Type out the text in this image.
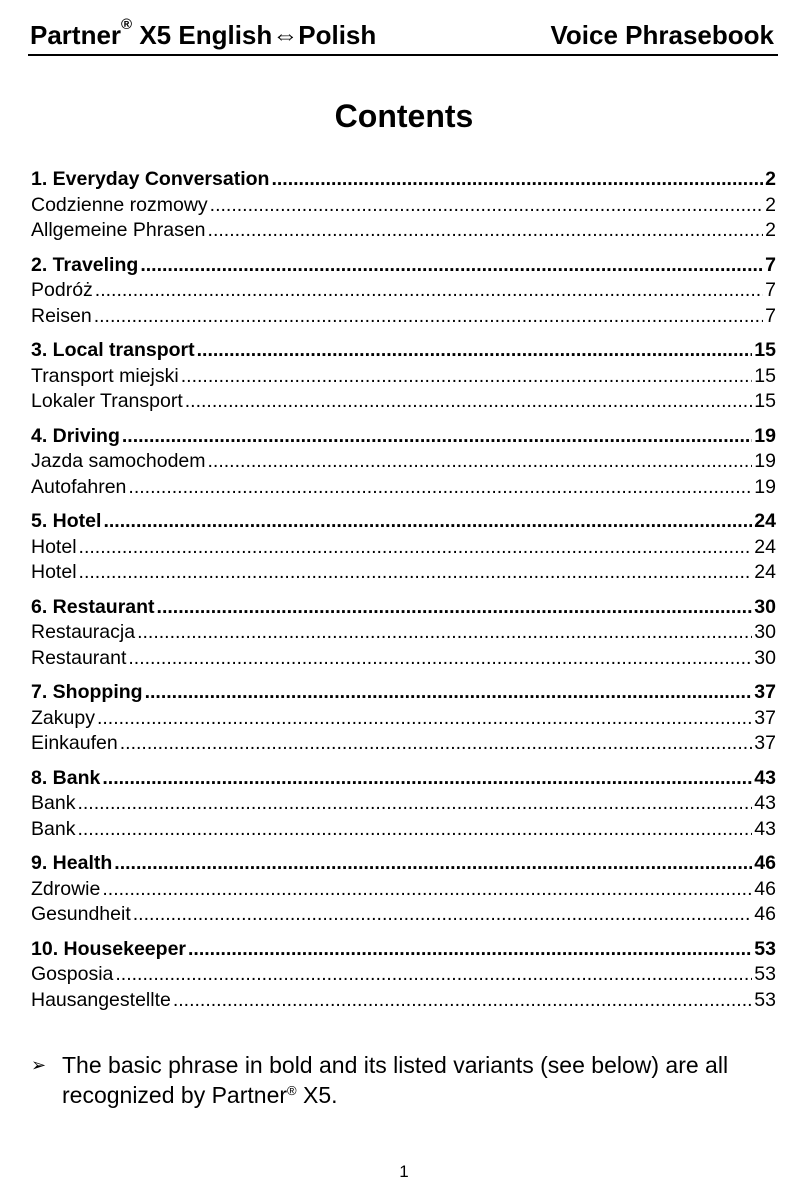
Partner® X5 English⇔Polish	Voice Phrasebook
Contents
1. Everyday Conversation .....	2
Codzienne rozmowy .....	2
Allgemeine Phrasen .....	2
2. Traveling .....	7
Podróż .....	7
Reisen .....	7
3. Local transport .....	15
Transport miejski .....	15
Lokaler Transport .....	15
4. Driving .....	19
Jazda samochodem .....	19
Autofahren .....	19
5. Hotel .....	24
Hotel .....	24
Hotel .....	24
6. Restaurant .....	30
Restauracja .....	30
Restaurant .....	30
7. Shopping .....	37
Zakupy .....	37
Einkaufen .....	37
8. Bank .....	43
Bank .....	43
Bank .....	43
9. Health .....	46
Zdrowie .....	46
Gesundheit .....	46
10. Housekeeper .....	53
Gosposia .....	53
Hausangestellte .....	53
➢ The basic phrase in bold and its listed variants (see below) are all recognized by Partner® X5.
1
